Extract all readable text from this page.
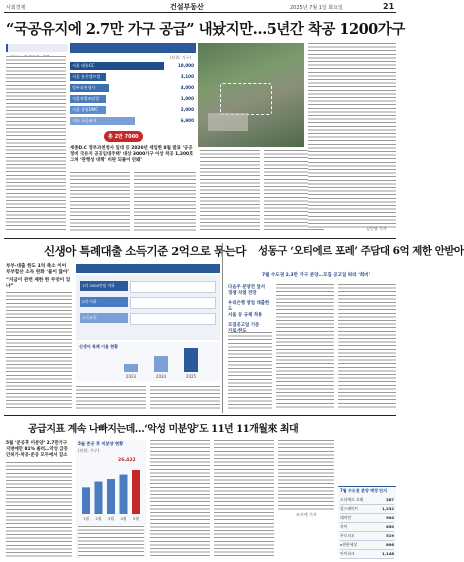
사회경제	건설부동산	2025년 7월 1일 화요일	21
“국공유지에 2.7만 가구 공급” 내놨지만…5년간 착공 1200가구
2020년 8·4대책 중 신규택지 발굴 대상지 현황	(단위: 가구)
서울 태릉CC	10,000
서울 용산캠프킴	3,100
정부과천청사	4,000
서울지방조달청	1,000
서울 상암DMC	2,000
기타 국공유지	6,900
총 2만 7000
세종D.C 정부과천청사 일대 등 2020년 세입한 8월 발표 ‘공공 정비 국유지 공공임대주택’ 대상 3000가구 이상 착공 1,200호 그쳐 ‘관행성 대책’ 비판 되풀이 안돼’
김민영 기자
신생아 특례대출 소득기준 2억으로 묶는다
부부·대출 한도 1억 축소 이어 부부합산 소득 완화 ‘불이 않아’
“자금이 관련 제한 한 무엇이 있냐”	1억 3000만원 이하
2억 이하
소득요건
신생아 특례 이용 현황
2023	2024	2025
성동구 ‘오티에르 포레’ 주담대 6억 제한 안받아
7월 수도권 2.3만 가구 분양…모집 공고일 따라 ‘희비’
다음주 분양전 앞서
경쟁 치열 전망
우리은행 영업 대출한도
서울 등 규제 적용
모집공고일 기준
공급지표 계속 나빠지는데…‘악성 미분양’도 11년 11개월來 최대
5월 ‘준공후 미분양’ 2.7만가구
지방에만 81% 쏠려…악성 급증
인허가·착공·준공 모두에서 감소
5월 준공 후 미분양 현황
(단위: 가구)
26,422
1월 2월 3월 4월 5월
조지애 기자
7월 수도권 분양 예정 단지
오티에르 포레	287
힐스테이트	1,232
래미안	904
자이	650
푸르지오	519
e편한세상	806
아이파크	1,148
